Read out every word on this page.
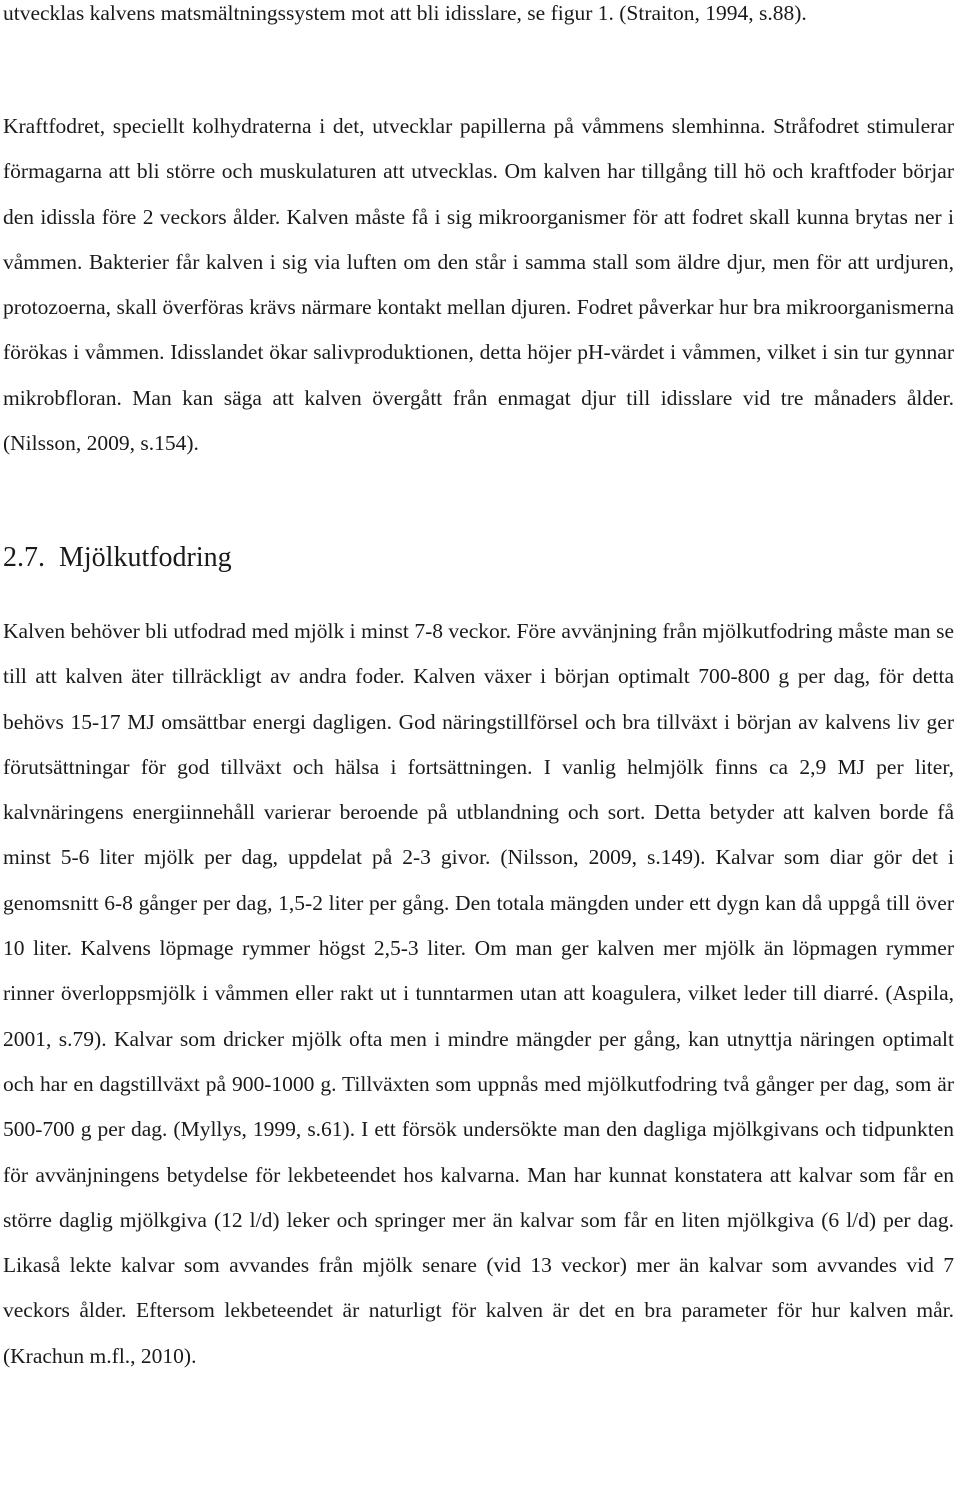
utvecklas kalvens matsmältningssystem mot att bli idisslare, se figur 1. (Straiton, 1994, s.88).

Kraftfodret, speciellt kolhydraterna i det, utvecklar papillerna på våmmens slemhinna. Stråfodret stimulerar förmagarna att bli större och muskulaturen att utvecklas. Om kalven har tillgång till hö och kraftfoder börjar den idissla före 2 veckors ålder. Kalven måste få i sig mikroorganismer för att fodret skall kunna brytas ner i våmmen. Bakterier får kalven i sig via luften om den står i samma stall som äldre djur, men för att urdjuren, protozoerna, skall överföras krävs närmare kontakt mellan djuren. Fodret påverkar hur bra mikroorganismerna förökas i våmmen. Idisslandet ökar salivproduktionen, detta höjer pH-värdet i våmmen, vilket i sin tur gynnar mikrobfloran. Man kan säga att kalven övergått från enmagat djur till idisslare vid tre månaders ålder. (Nilsson, 2009, s.154).

2.7. Mjölkutfodring

Kalven behöver bli utfodrad med mjölk i minst 7-8 veckor. Före avvänjning från mjölkutfodring måste man se till att kalven äter tillräckligt av andra foder. Kalven växer i början optimalt 700-800 g per dag, för detta behövs 15-17 MJ omsättbar energi dagligen. God näringstillförsel och bra tillväxt i början av kalvens liv ger förutsättningar för god tillväxt och hälsa i fortsättningen. I vanlig helmjölk finns ca 2,9 MJ per liter, kalvnäringens energiinnehåll varierar beroende på utblandning och sort. Detta betyder att kalven borde få minst 5-6 liter mjölk per dag, uppdelat på 2-3 givor. (Nilsson, 2009, s.149). Kalvar som diar gör det i genomsnitt 6-8 gånger per dag, 1,5-2 liter per gång. Den totala mängden under ett dygn kan då uppgå till över 10 liter. Kalvens löpmage rymmer högst 2,5-3 liter. Om man ger kalven mer mjölk än löpmagen rymmer rinner överloppsmjölk i våmmen eller rakt ut i tunntarmen utan att koagulera, vilket leder till diarré. (Aspila, 2001, s.79). Kalvar som dricker mjölk ofta men i mindre mängder per gång, kan utnyttja näringen optimalt och har en dagstillväxt på 900-1000 g. Tillväxten som uppnås med mjölkutfodring två gånger per dag, som är 500-700 g per dag. (Myllys, 1999, s.61). I ett försök undersökte man den dagliga mjölkgivans och tidpunkten för avvänjningens betydelse för lekbeteendet hos kalvarna. Man har kunnat konstatera att kalvar som får en större daglig mjölkgiva (12 l/d) leker och springer mer än kalvar som får en liten mjölkgiva (6 l/d) per dag. Likaså lekte kalvar som avvandes från mjölk senare (vid 13 veckor) mer än kalvar som avvandes vid 7 veckors ålder. Eftersom lekbeteendet är naturligt för kalven är det en bra parameter för hur kalven mår. (Krachun m.fl., 2010).
